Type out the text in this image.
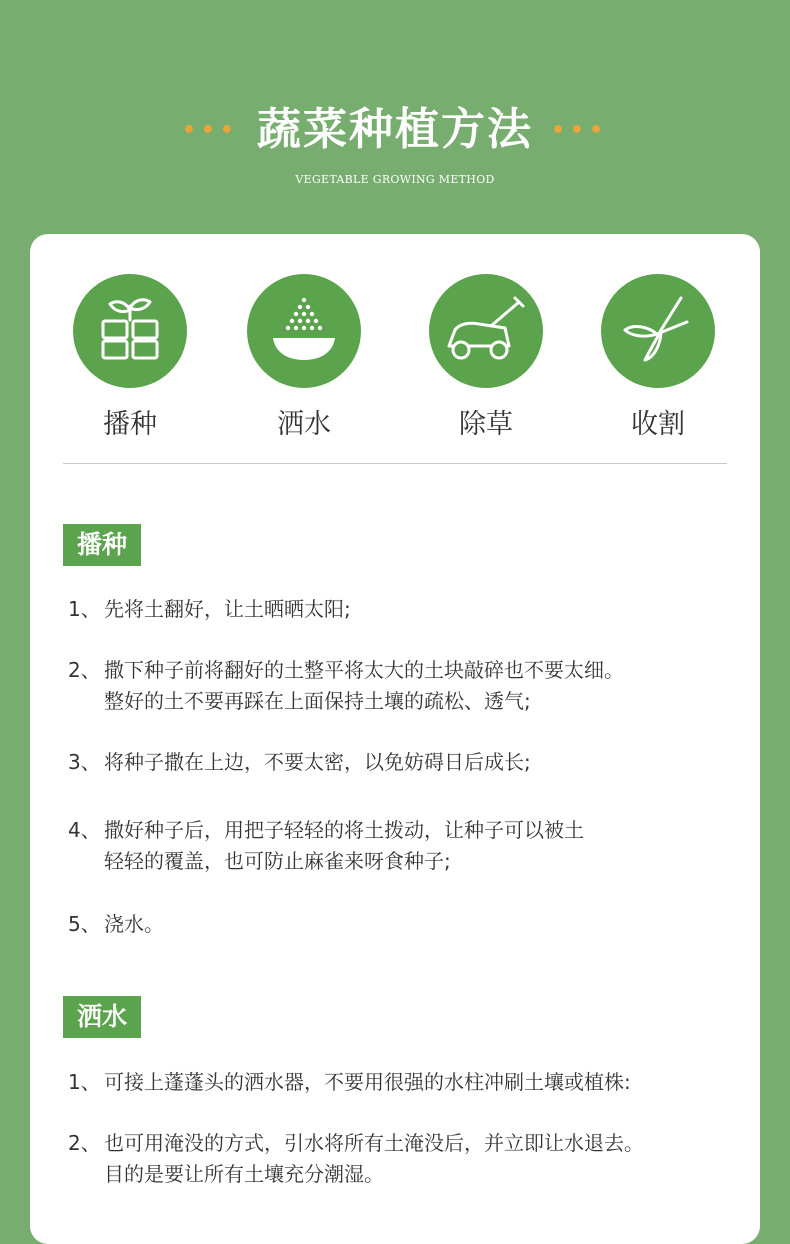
••• 蔬菜种植方法 •••
VEGETABLE GROWING METHOD
播种	洒水	除草	收割
播种
1、 先将土翻好，让土晒晒太阳;
2、 撒下种子前将翻好的土整平将太大的土块敲碎也不要太细。
整好的土不要再踩在上面保持土壤的疏松、透气;
3、 将种子撒在上边，不要太密，以免妨碍日后成长;
4、 撒好种子后，用把子轻轻的将土拨动，让种子可以被土
轻轻的覆盖，也可防止麻雀来呀食种子;
5、 浇水。
洒水
1、 可接上蓬蓬头的洒水器，不要用很强的水柱冲刷土壤或植株:
2、 也可用淹没的方式，引水将所有土淹没后，并立即让水退去。
目的是要让所有土壤充分潮湿。
